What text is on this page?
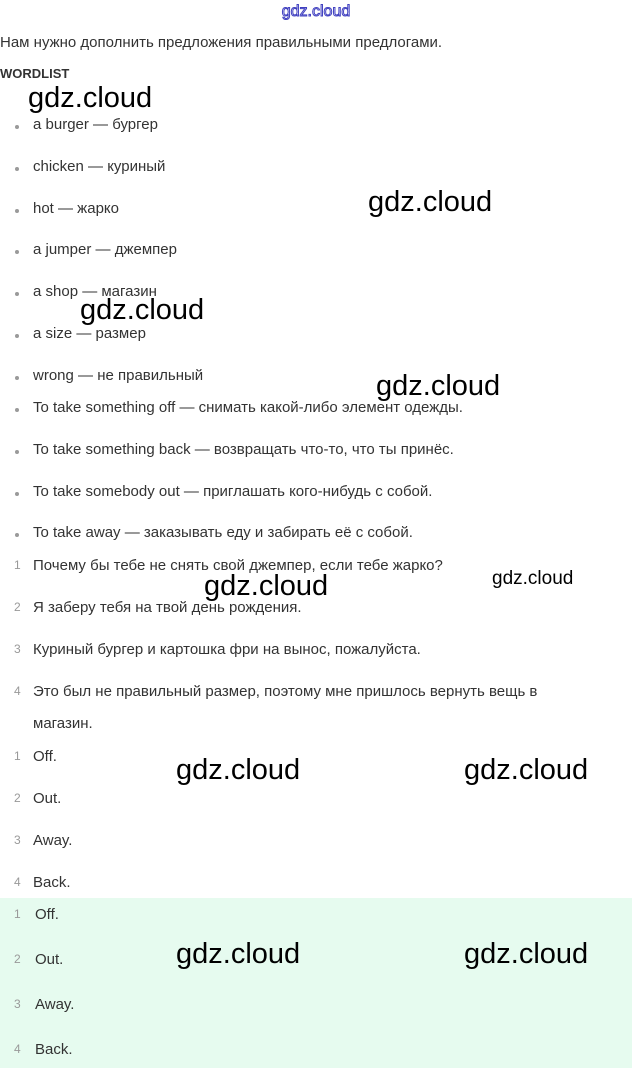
gdz.cloud
Нам нужно дополнить предложения правильными предлогами.
WORDLIST
a burger — бургер
chicken — куриный
hot — жарко
a jumper — джемпер
a shop — магазин
a size — размер
wrong — не правильный
To take something off — снимать какой-либо элемент одежды.
To take something back — возвращать что-то, что ты принёс.
To take somebody out — приглашать кого-нибудь с собой.
To take away — заказывать еду и забирать её с собой.
1 Почему бы тебе не снять свой джемпер, если тебе жарко?
2 Я заберу тебя на твой день рождения.
3 Куриный бургер и картошка фри на вынос, пожалуйста.
4 Это был не правильный размер, поэтому мне пришлось вернуть вещь в
магазин.
1 Off.
2 Out.
3 Away.
4 Back.
1 Off.
2 Out.
3 Away.
4 Back.
gdz.cloud
gdz.cloud
gdz.cloud
gdz.cloud
gdz.cloud	gdz.cloud
gdz.cloud	gdz.cloud
gdz.cloud	gdz.cloud
